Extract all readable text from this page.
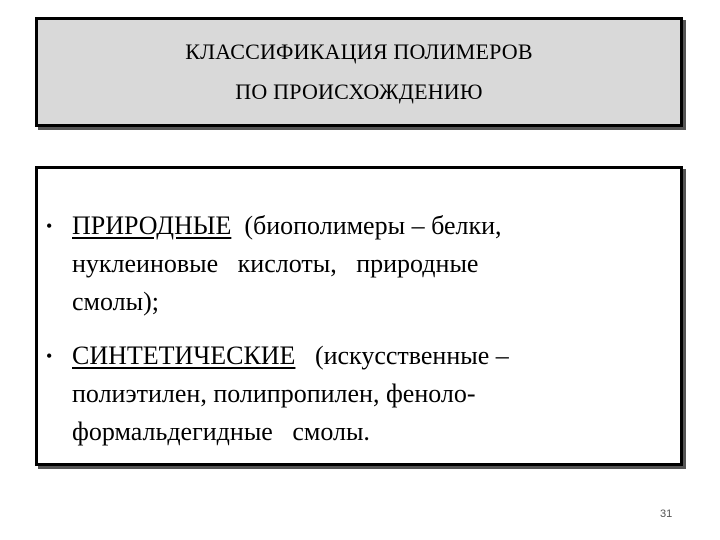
КЛАССИФИКАЦИЯ ПОЛИМЕРОВ
ПО ПРОИСХОЖДЕНИЮ
• ПРИРОДНЫЕ  (биополимеры – белки,
нуклеиновые   кислоты,   природные
смолы);
• СИНТЕТИЧЕСКИЕ   (искусственные –
полиэтилен, полипропилен, феноло-
формальдегидные   смолы.
31
